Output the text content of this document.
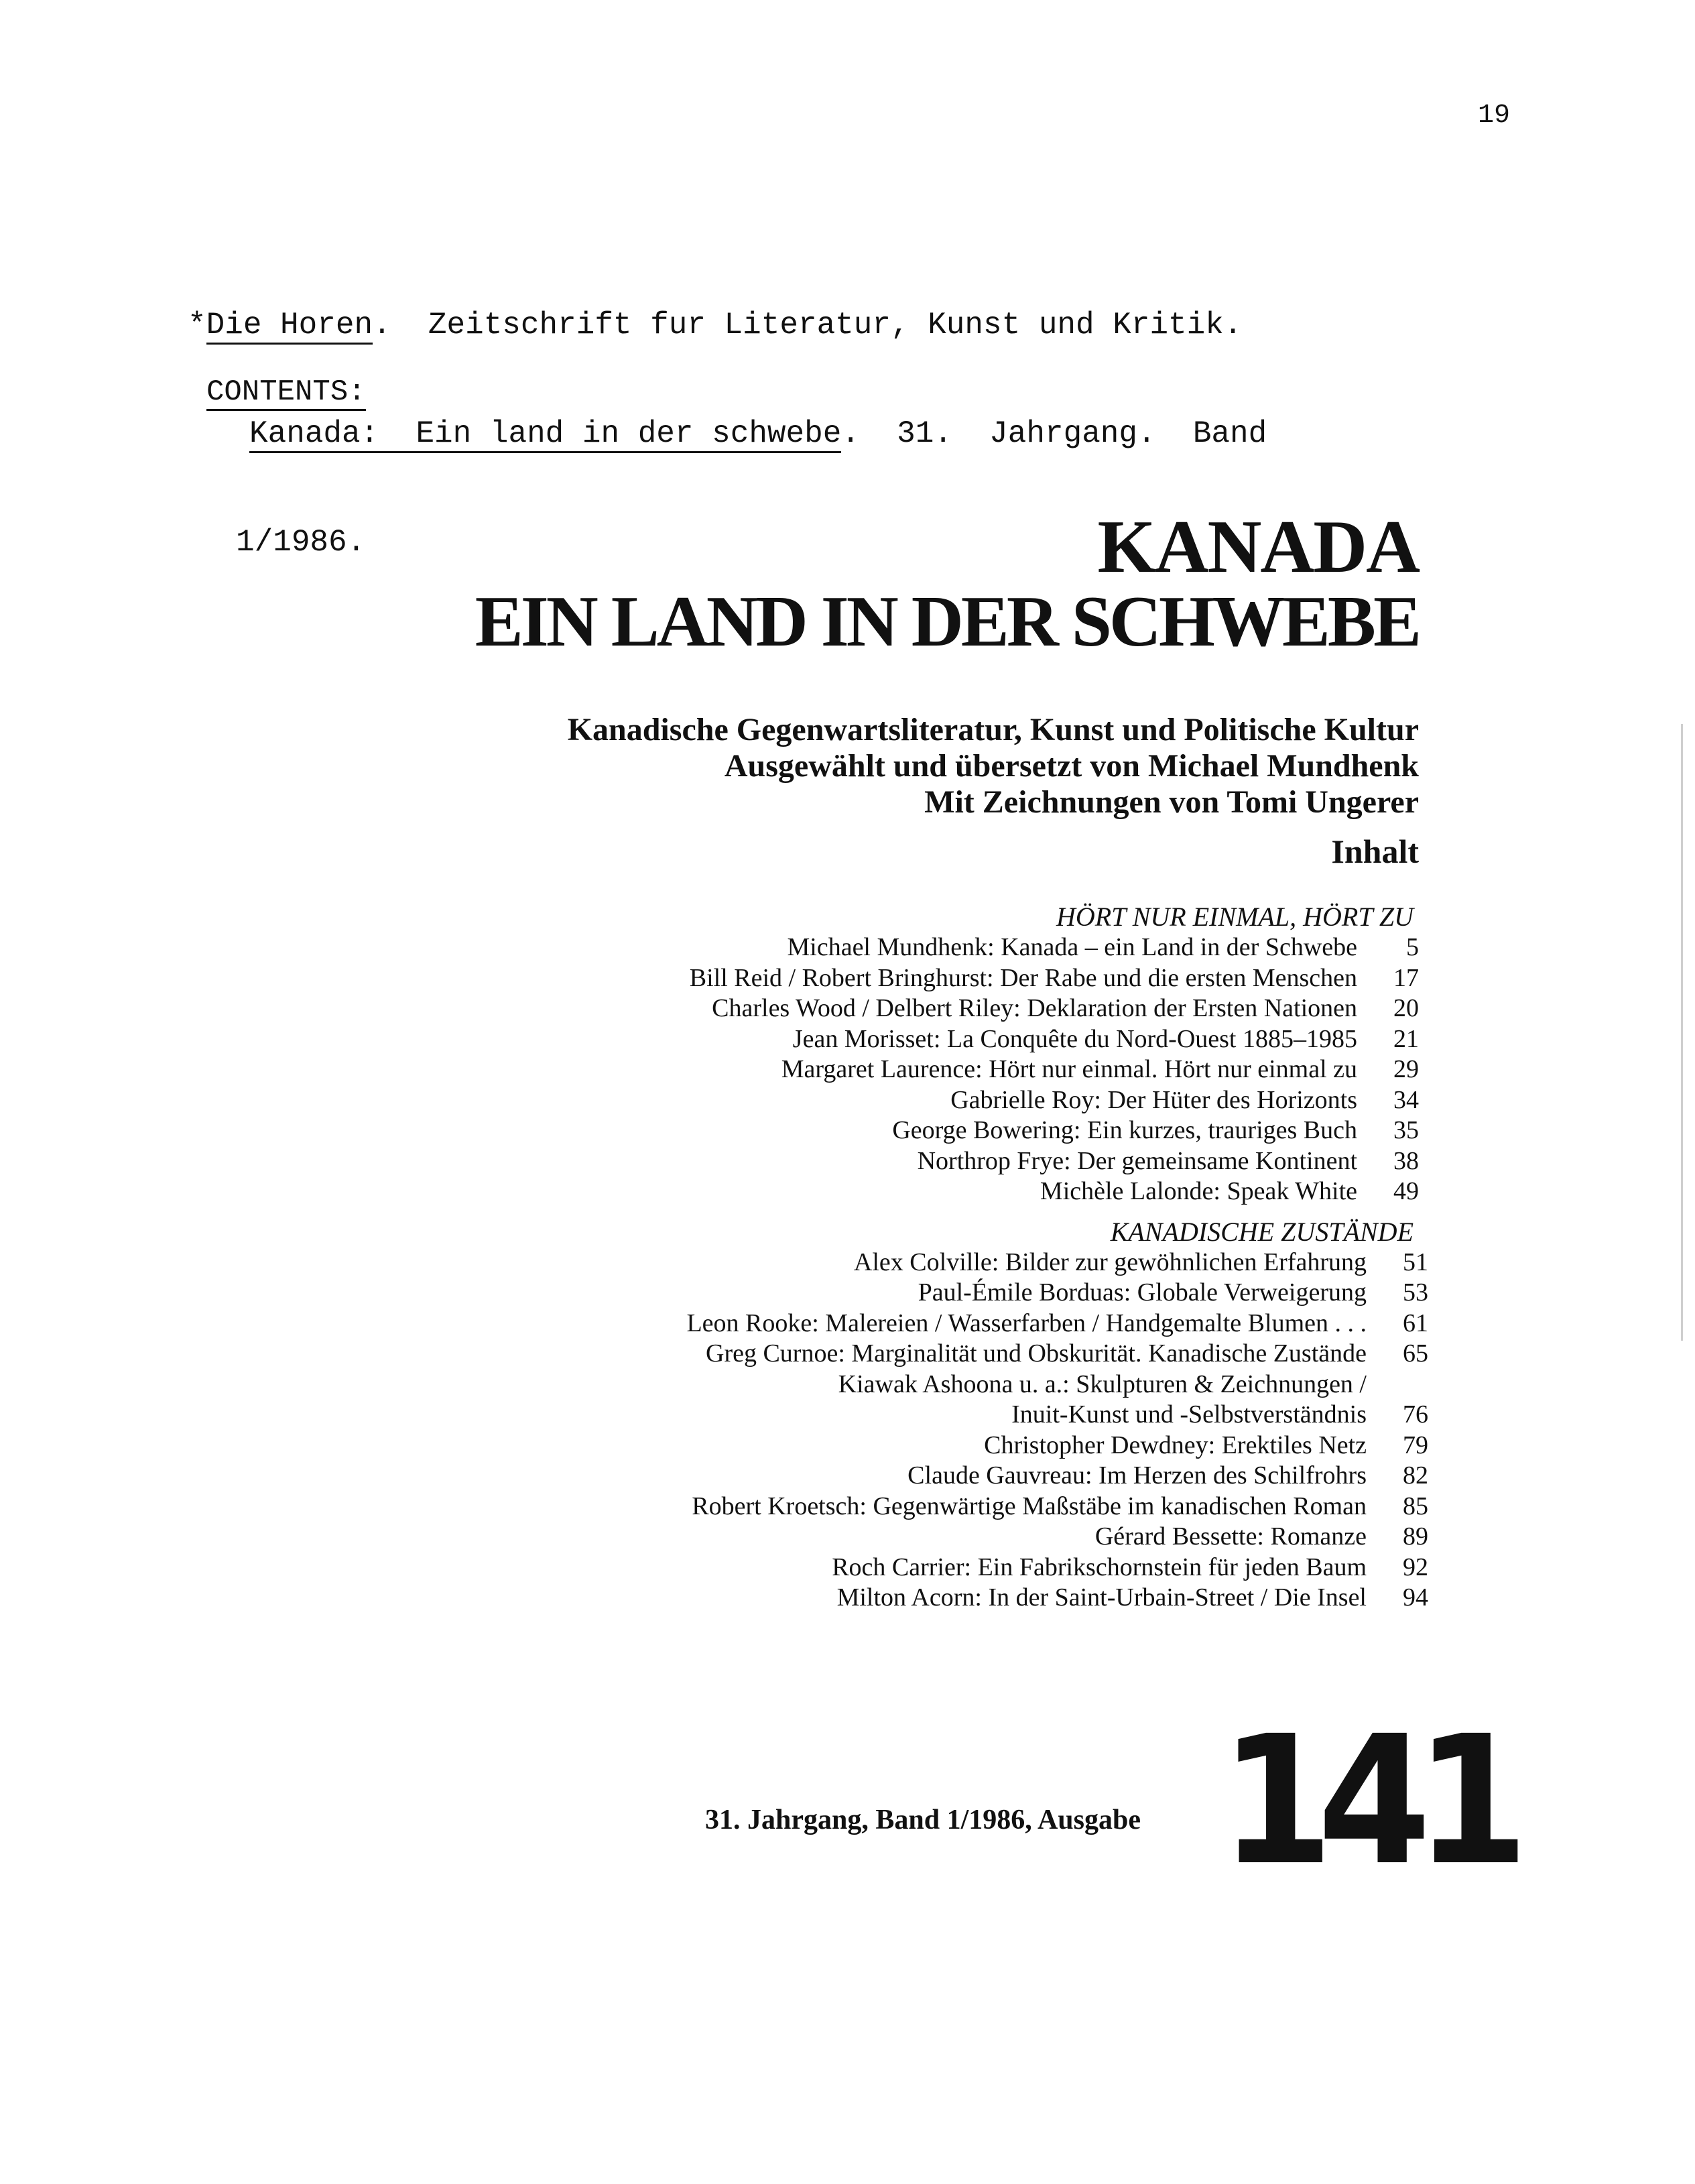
19

*Die Horen.  Zeitschrift fur Literatur, Kunst und Kritik.

Kanada:  Ein land in der schwebe.  31.  Jahrgang.  Band

1/1986.

CONTENTS:
KANADA
EIN LAND IN DER SCHWEBE
Kanadische Gegenwartsliteratur, Kunst und Politische Kultur
Ausgewählt und übersetzt von Michael Mundhenk
Mit Zeichnungen von Tomi Ungerer
Inhalt
HÖRT NUR EINMAL, HÖRT ZU
Michael Mundhenk: Kanada – ein Land in der Schwebe	5
Bill Reid / Robert Bringhurst: Der Rabe und die ersten Menschen	17
Charles Wood / Delbert Riley: Deklaration der Ersten Nationen	20
Jean Morisset: La Conquête du Nord-Ouest 1885–1985	21
Margaret Laurence: Hört nur einmal. Hört nur einmal zu	29
Gabrielle Roy: Der Hüter des Horizonts	34
George Bowering: Ein kurzes, trauriges Buch	35
Northrop Frye: Der gemeinsame Kontinent	38
Michèle Lalonde: Speak White	49
KANADISCHE ZUSTÄNDE
Alex Colville: Bilder zur gewöhnlichen Erfahrung	51
Paul-Émile Borduas: Globale Verweigerung	53
Leon Rooke: Malereien / Wasserfarben / Handgemalte Blumen . . .	61
Greg Curnoe: Marginalität und Obskurität. Kanadische Zustände	65
Kiawak Ashoona u. a.: Skulpturen & Zeichnungen /
Inuit-Kunst und -Selbstverständnis	76
Christopher Dewdney: Erektiles Netz	79
Claude Gauvreau: Im Herzen des Schilfrohrs	82
Robert Kroetsch: Gegenwärtige Maßstäbe im kanadischen Roman	85
Gérard Bessette: Romanze	89
Roch Carrier: Ein Fabrikschornstein für jeden Baum	92
Milton Acorn: In der Saint-Urbain-Street / Die Insel	94
31. Jahrgang, Band 1/1986, Ausgabe 141
